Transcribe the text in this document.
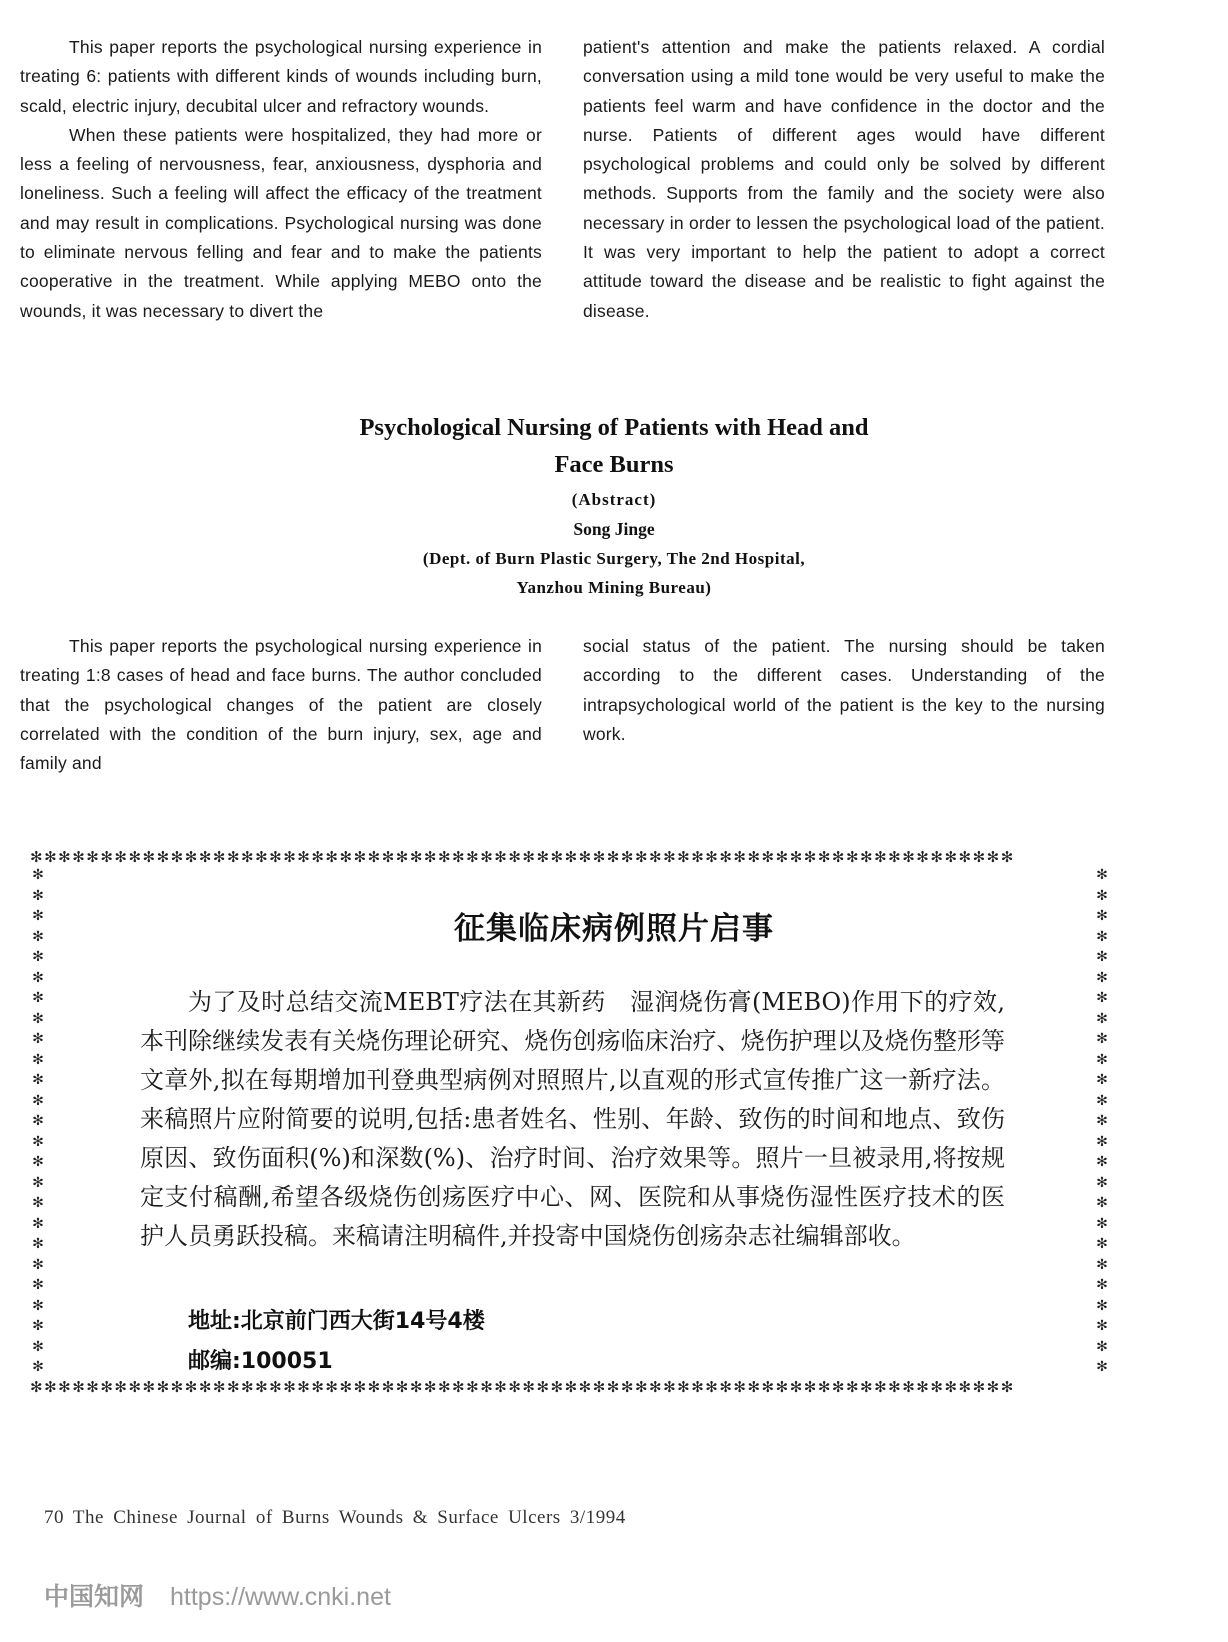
This paper reports the psychological nursing experience in treating 6: patients with different kinds of wounds including burn, scald, electric injury, decubital ulcer and refractory wounds.

When these patients were hospitalized, they had more or less a feeling of nervousness, fear, anxiousness, dysphoria and loneliness. Such a feeling will affect the efficacy of the treatment and may result in complications. Psychological nursing was done to eliminate nervous felling and fear and to make the patients cooperative in the treatment. While applying MEBO onto the wounds, it was necessary to divert the

patient's attention and make the patients relaxed. A cordial conversation using a mild tone would be very useful to make the patients feel warm and have confidence in the doctor and the nurse. Patients of different ages would have different psychological problems and could only be solved by different methods. Supports from the family and the society were also necessary in order to lessen the psychological load of the patient. It was very important to help the patient to adopt a correct attitude toward the disease and be realistic to fight against the disease.

Psychological Nursing of Patients with Head and
Face Burns
(Abstract)
Song Jinge
(Dept. of Burn Plastic Surgery, The 2nd Hospital,
Yanzhou Mining Bureau)

This paper reports the psychological nursing experience in treating 1:8 cases of head and face burns. The author concluded that the psychological changes of the patient are closely correlated with the condition of the burn injury, sex, age and family and

social status of the patient. The nursing should be taken according to the different cases. Understanding of the intrapsychological world of the patient is the key to the nursing work.

✻✻✻✻✻✻✻✻✻✻✻✻✻✻✻✻✻✻✻✻✻✻✻✻✻✻✻✻✻✻✻✻✻✻✻✻✻✻✻✻✻✻✻✻✻✻✻✻✻✻✻✻✻✻✻✻✻✻✻✻✻✻✻✻✻✻✻✻✻✻
✻✻✻✻✻✻✻✻✻✻✻✻✻✻✻✻✻✻✻✻✻✻✻✻✻✻✻✻✻✻✻✻✻✻✻✻✻✻✻✻✻✻✻✻✻✻✻✻✻✻✻✻✻✻✻✻✻✻✻✻✻✻✻✻✻✻✻✻✻✻
✻✻✻✻✻✻✻✻✻✻✻✻✻✻✻✻✻✻✻✻✻✻✻✻✻
✻✻✻✻✻✻✻✻✻✻✻✻✻✻✻✻✻✻✻✻✻✻✻✻✻
征集临床病例照片启事

为了及时总结交流MEBT疗法在其新药　湿润烧伤膏(MEBO)作用下的疗效,本刊除继续发表有关烧伤理论研究、烧伤创疡临床治疗、烧伤护理以及烧伤整形等文章外,拟在每期增加刊登典型病例对照照片,以直观的形式宣传推广这一新疗法。来稿照片应附简要的说明,包括:患者姓名、性别、年龄、致伤的时间和地点、致伤原因、致伤面积(%)和深数(%)、治疗时间、治疗效果等。照片一旦被录用,将按规定支付稿酬,希望各级烧伤创疡医疗中心、网、医院和从事烧伤湿性医疗技术的医护人员勇跃投稿。来稿请注明稿件,并投寄中国烧伤创疡杂志社编辑部收。

地址:北京前门西大街14号4楼
邮编:100051
70 The Chinese Journal of Burns Wounds & Surface Ulcers 3/1994
中国知网 https://www.cnki.net
